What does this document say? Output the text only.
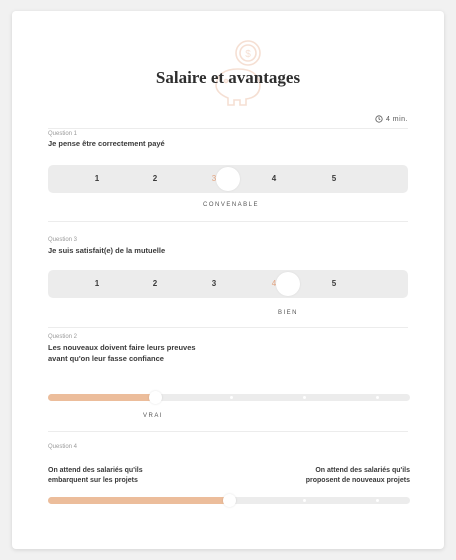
$
Salaire et avantages
4 min.
Question 1
Je pense être correctement payé
1	2	3	4	5
CONVENABLE
Question 3
Je suis satisfait(e) de la mutuelle
1	2	3	4	5
BIEN
Question 2
Les nouveaux doivent faire leurs preuves
avant qu'on leur fasse confiance
VRAI
Question 4
On attend des salariés qu'ils
embarquent sur les projets
On attend des salariés qu'ils
proposent de nouveaux projets
